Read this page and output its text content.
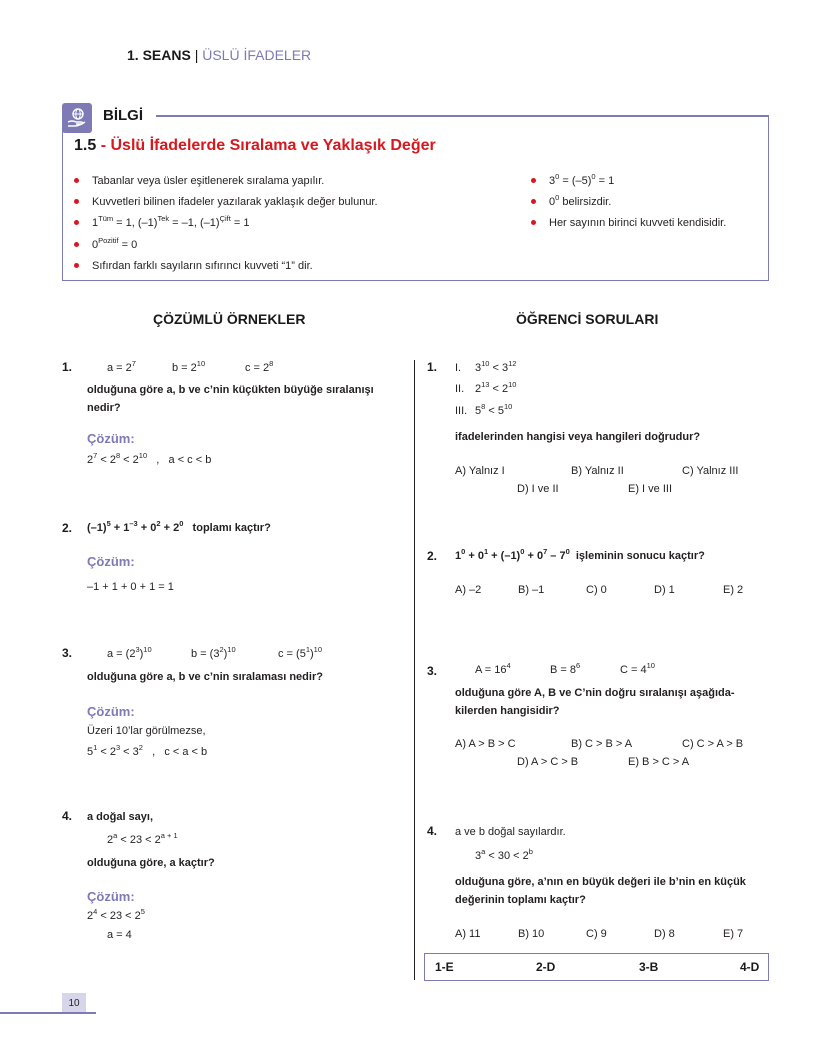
1. SEANS | ÜSLÜ İFADELER
BİLGİ
1.5 - Üslü İfadelerde Sıralama ve Yaklaşık Değer
Tabanlar veya üsler eşitlenerek sıralama yapılır.
Kuvvetleri bilinen ifadeler yazılarak yaklaşık değer bulunur.
$1^{Tüm} = 1$, $(-1)^{Tek} = -1$, $(-1)^{Çift} = 1$
$0^{Pozitif} = 0$
Sıfırdan farklı sayıların sıfırıncı kuvveti “1” dir.
$3^0 = (-5)^0 = 1$
$0^0$ belirsizdir.
Her sayının birinci kuvveti kendisidir.
ÇÖZÜMLÜ ÖRNEKLER	ÖĞRENCİ SORULARI
1.	$a = 2^7$	$b = 2^{10}$	$c = 2^8$
olduğuna göre a, b ve c’nin küçükten büyüğe sıralanışı
nedir?
Çözüm:
$2^7 < 2^8 < 2^{10}$   ,   a < c < b
2. $(-1)^5 + 1^{-3} + 0^2 + 2^0$   toplamı kaçtır?
Çözüm:
–1 + 1 + 0 + 1 = 1
3.	$a = (2^3)^{10}$	$b = (3^2)^{10}$	$c = (5^1)^{10}$
olduğuna göre a, b ve c’nin sıralaması nedir?
Çözüm:
Üzeri 10’lar görülmezse,
$5^1 < 2^3 < 3^2$   ,   c < a < b
4. a doğal sayı,
$2^a < 23 < 2^{a + 1}$
olduğuna göre, a kaçtır?
Çözüm:
$2^4 < 23 < 2^5$
a = 4
1. I. $3^{10} < 3^{12}$
II. $2^{13} < 2^{10}$
III. $5^8 < 5^{10}$
ifadelerinden hangisi veya hangileri doğrudur?
A) Yalnız I	B) Yalnız II	C) Yalnız III
D) I ve II	E) I ve III
2. $1^0 + 0^1 + (-1)^0 + 0^7 - 7^0$  işleminin sonucu kaçtır?
A) –2	B) –1	C) 0	D) 1	E) 2
3.	$A = 16^4$	$B = 8^6$	$C = 4^{10}$
olduğuna göre A, B ve C’nin doğru sıralanışı aşağıda-
kilerden hangisidir?
A) A > B > C	B) C > B > A	C) C > A > B
D) A > C > B	E) B > C > A
4. a ve b doğal sayılardır.
$3^a < 30 < 2^b$
olduğuna göre, a’nın en büyük değeri ile b’nin en küçük
değerinin toplamı kaçtır?
A) 11	B) 10	C) 9	D) 8	E) 7
1-E	2-D	3-B	4-D
10
